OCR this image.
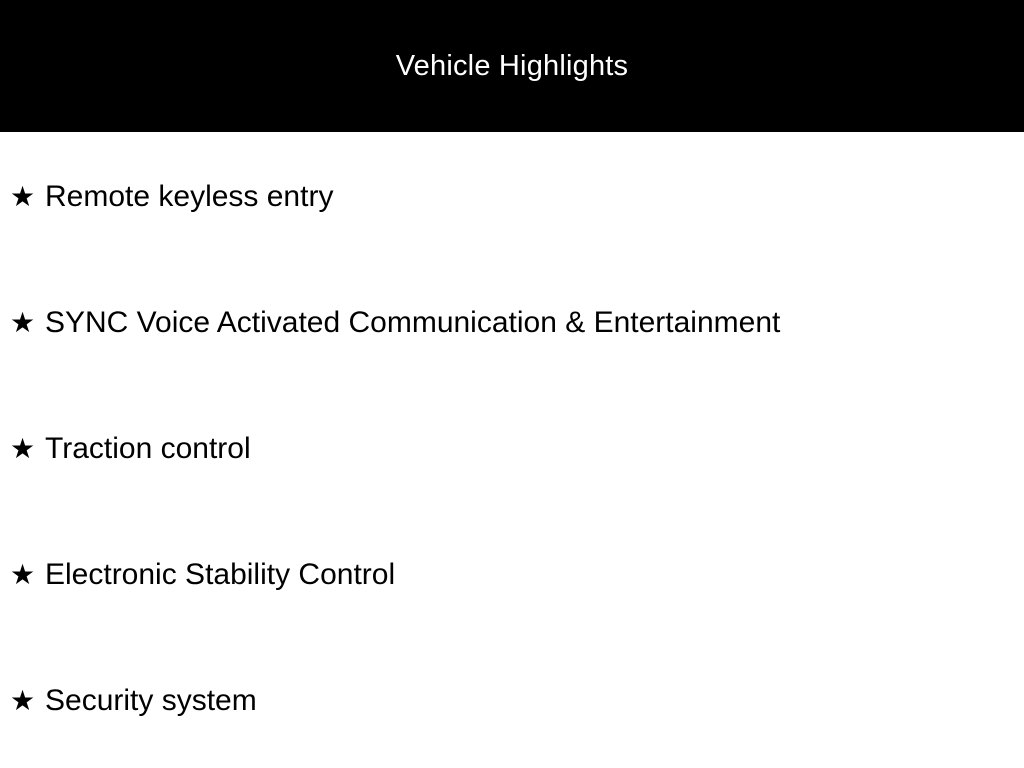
Vehicle Highlights
★ Remote keyless entry
★ SYNC Voice Activated Communication & Entertainment
★ Traction control
★ Electronic Stability Control
★ Security system
